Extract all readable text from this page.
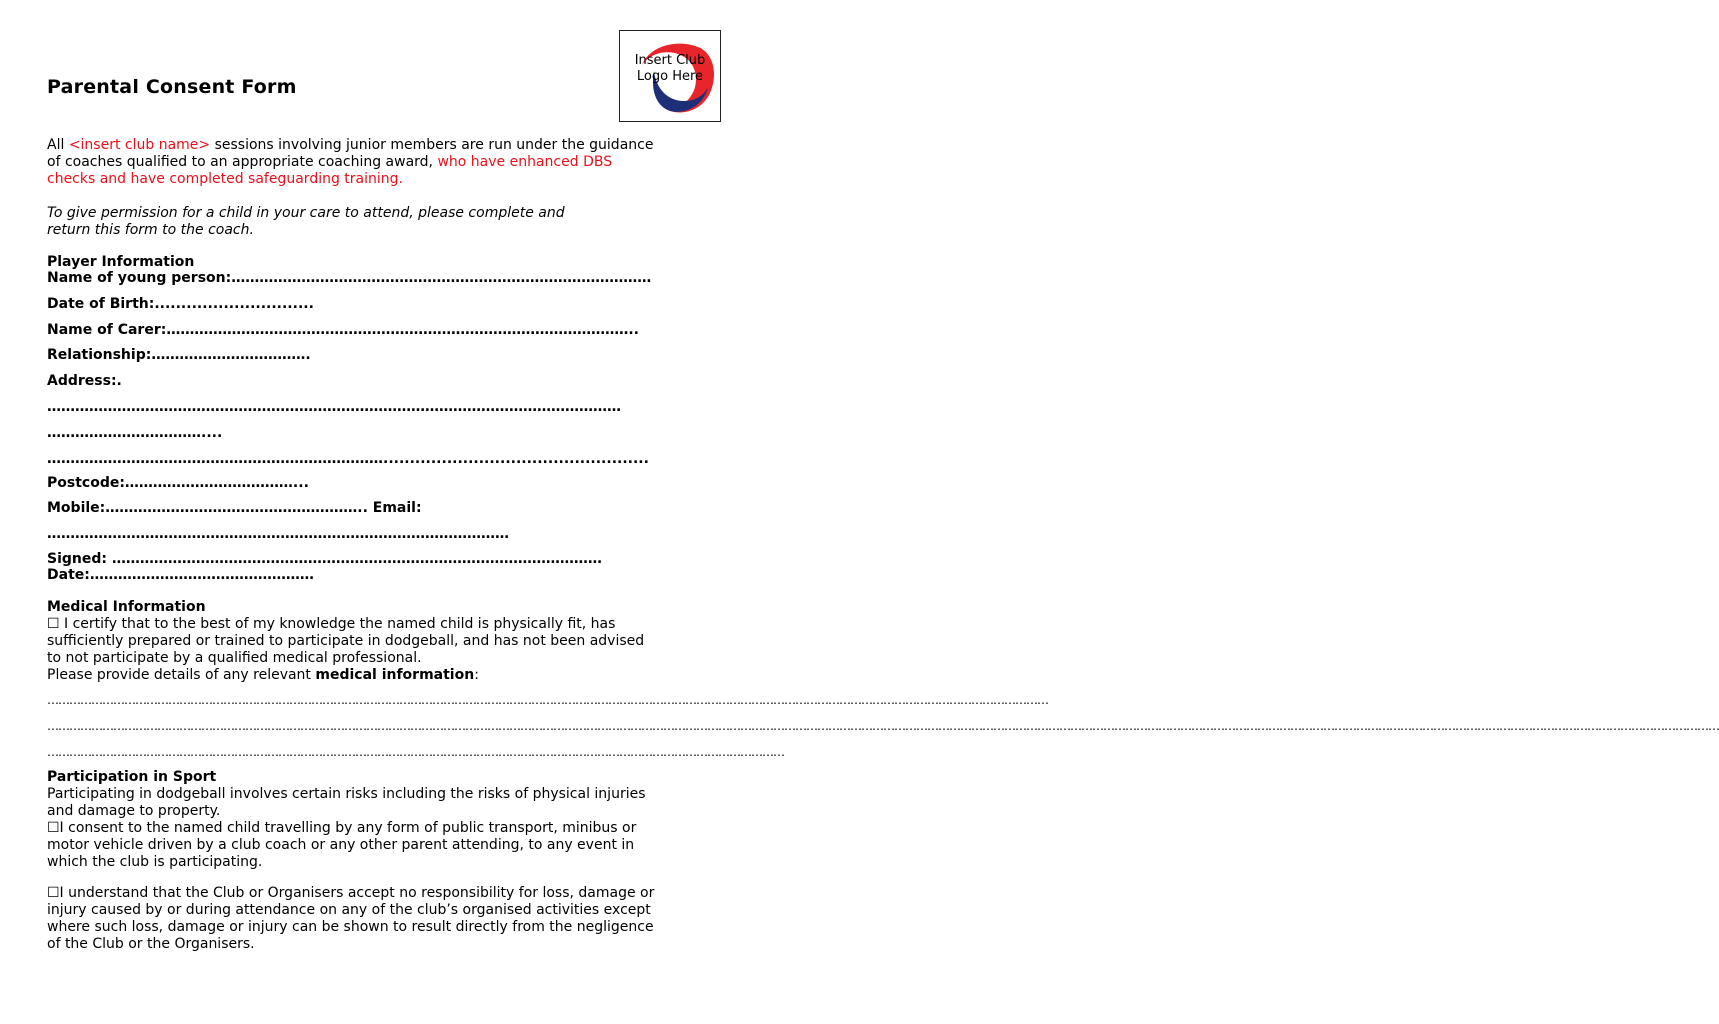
Insert Club
Logo Here
Parental Consent Form
All <insert club name> sessions involving junior members are run under the guidance
of coaches qualified to an appropriate coaching award, who have enhanced DBS
checks and have completed safeguarding training.
To give permission for a child in your care to attend, please complete and
return this form to the coach.
Player Information
Name of young person:………………………………………………………………………………
Date of Birth:..............................
Name of Carer:………………………………………………………………………………………..
Relationship:…………………………….
Address:.
……………………………………………………………………………………………………………
……………………………....
………………………………………………………………..................................................
Postcode:………………………………...
Mobile:……………………………………………….. Email:
………………………………………………………………………………………
Signed: ……………………………………………………………………………………………
Date:…………………………………………
Medical Information
☐ I certify that to the best of my knowledge the named child is physically fit, has
sufficiently prepared or trained to participate in dodgeball, and has not been advised
to not participate by a qualified medical professional.
Please provide details of any relevant medical information:
…………………………………………………………………………………………………………………………………………………………………………………………………………………………………………………
……………………………………………………………………………………………………………………………………………………………………………………………………………………………………………………………………………………………………………………………………………………………………………………………………………………
…………………………………………………………………………………………………………………………………………………………………………………
Participation in Sport
Participating in dodgeball involves certain risks including the risks of physical injuries
and damage to property.
☐I consent to the named child travelling by any form of public transport, minibus or
motor vehicle driven by a club coach or any other parent attending, to any event in
which the club is participating.
☐I understand that the Club or Organisers accept no responsibility for loss, damage or
injury caused by or during attendance on any of the club’s organised activities except
where such loss, damage or injury can be shown to result directly from the negligence
of the Club or the Organisers.
